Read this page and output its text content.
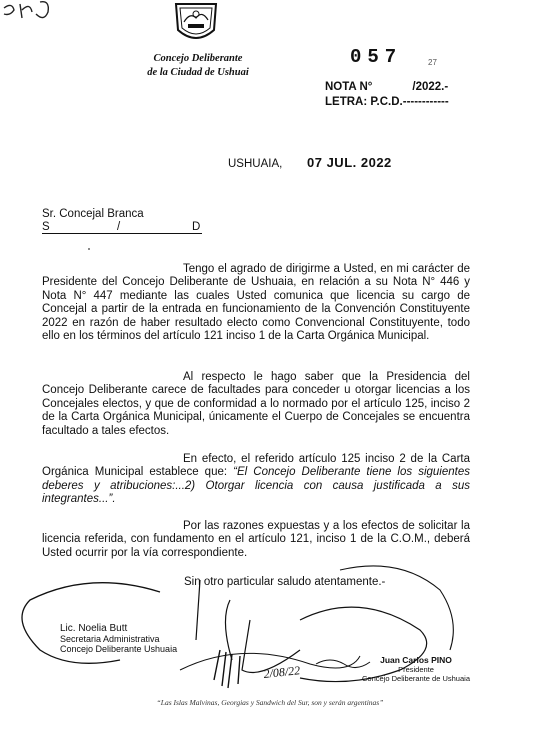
Concejo Deliberante
de la Ciudad de Ushuai
057	27
NOTA N°	/2022.-
LETRA: P.C.D.------------
USHUAIA, 07 JUL. 2022
Sr. Concejal Branca
S	/	D
Tengo el agrado de dirigirme a Usted, en mi carácter de Presidente del Concejo Deliberante de Ushuaia, en relación a su Nota N° 446 y Nota N° 447 mediante las cuales Usted comunica que licencia su cargo de Concejal a partir de la entrada en funcionamiento de la Convención Constituyente 2022 en razón de haber resultado electo como Convencional Constituyente, todo ello en los términos del artículo 121 inciso 1 de la Carta Orgánica Municipal.
Al respecto le hago saber que la Presidencia del Concejo Deliberante carece de facultades para conceder u otorgar licencias a los Concejales electos, y que de conformidad a lo normado por el artículo 125, inciso 2 de la Carta Orgánica Municipal, únicamente el Cuerpo de Concejales se encuentra facultado a tales efectos.
En efecto, el referido artículo 125 inciso 2 de la Carta Orgánica Municipal establece que: “El Concejo Deliberante tiene los siguientes deberes y atribuciones:...2) Otorgar licencia con causa justificada a sus integrantes...”.
Por las razones expuestas y a los efectos de solicitar la licencia referida, con fundamento en el artículo 121, inciso 1 de la C.O.M., deberá Usted ocurrir por la vía correspondiente.
Sin otro particular saludo atentamente.-
2/08/22
Lic. Noelia Butt
Secretaria Administrativa
Concejo Deliberante Ushuaia
Juan Carlos PINO
Presidente
Concejo Deliberante de Ushuaia
“Las Islas Malvinas, Georgias y Sandwich del Sur, son y serán argentinas”
